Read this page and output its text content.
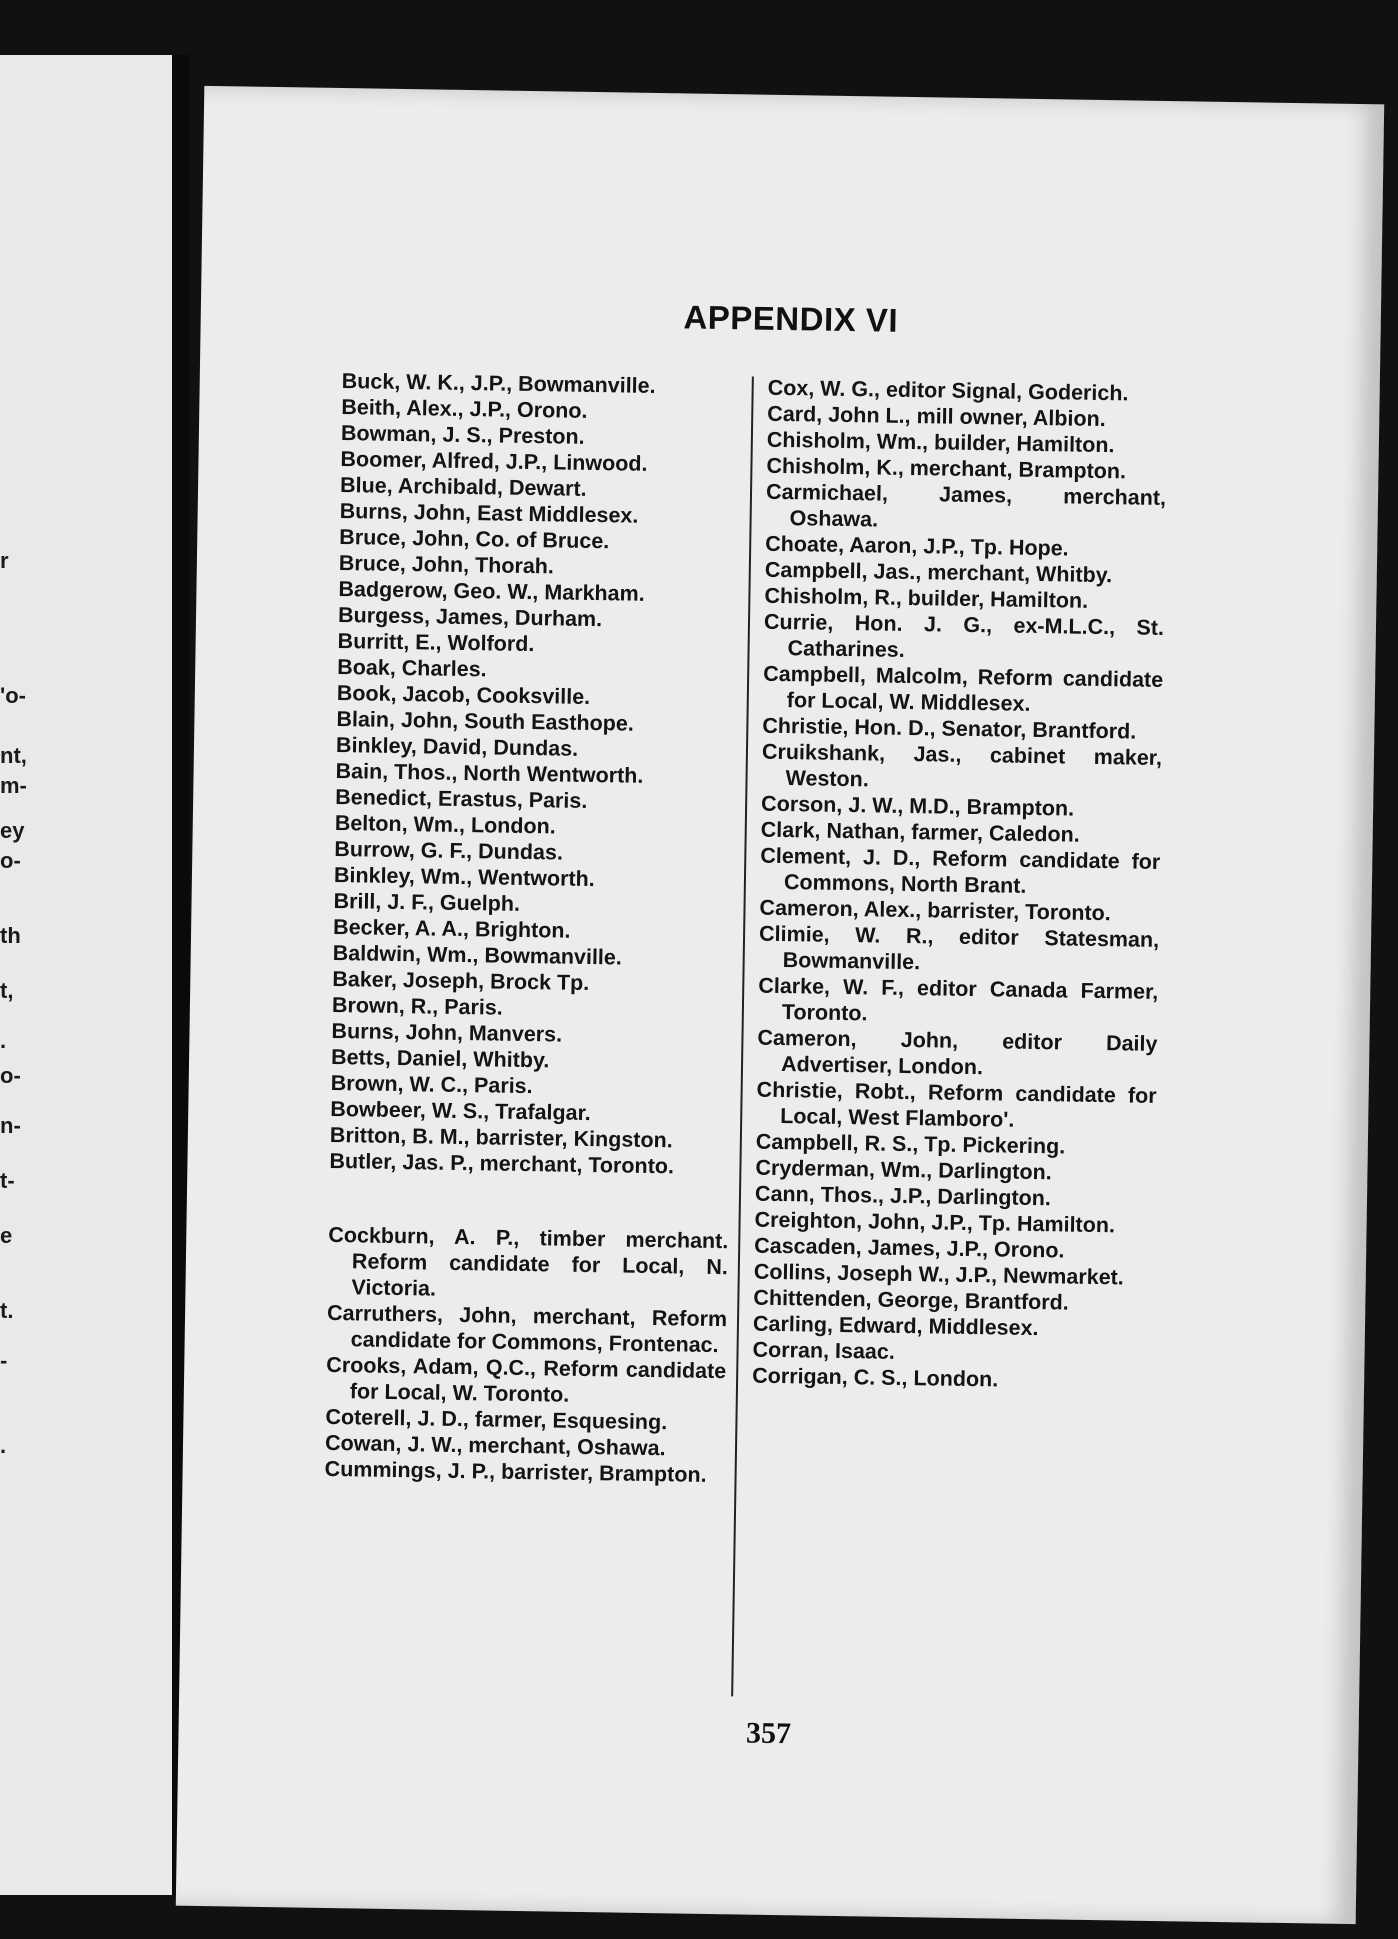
r
'o-
nt,
m-
ey
o-
th
t,
.
o-
n-
t-
e
t.
-
.
APPENDIX VI
Buck, W. K., J.P., Bowmanville.
Beith, Alex., J.P., Orono.
Bowman, J. S., Preston.
Boomer, Alfred, J.P., Linwood.
Blue, Archibald, Dewart.
Burns, John, East Middlesex.
Bruce, John, Co. of Bruce.
Bruce, John, Thorah.
Badgerow, Geo. W., Markham.
Burgess, James, Durham.
Burritt, E., Wolford.
Boak, Charles.
Book, Jacob, Cooksville.
Blain, John, South Easthope.
Binkley, David, Dundas.
Bain, Thos., North Wentworth.
Benedict, Erastus, Paris.
Belton, Wm., London.
Burrow, G. F., Dundas.
Binkley, Wm., Wentworth.
Brill, J. F., Guelph.
Becker, A. A., Brighton.
Baldwin, Wm., Bowmanville.
Baker, Joseph, Brock Tp.
Brown, R., Paris.
Burns, John, Manvers.
Betts, Daniel, Whitby.
Brown, W. C., Paris.
Bowbeer, W. S., Trafalgar.
Britton, B. M., barrister, Kingston.
Butler, Jas. P., merchant, Toronto.
Cockburn, A. P., timber merchant. Reform candidate for Local, N. Victoria.
Carruthers, John, merchant, Reform candidate for Commons, Frontenac.
Crooks, Adam, Q.C., Reform candidate for Local, W. Toronto.
Coterell, J. D., farmer, Esquesing.
Cowan, J. W., merchant, Oshawa.
Cummings, J. P., barrister, Brampton.
Cox, W. G., editor Signal, Goderich.
Card, John L., mill owner, Albion.
Chisholm, Wm., builder, Hamilton.
Chisholm, K., merchant, Brampton.
Carmichael, James, merchant, Oshawa.
Choate, Aaron, J.P., Tp. Hope.
Campbell, Jas., merchant, Whitby.
Chisholm, R., builder, Hamilton.
Currie, Hon. J. G., ex-M.L.C., St. Catharines.
Campbell, Malcolm, Reform candidate for Local, W. Middlesex.
Christie, Hon. D., Senator, Brantford.
Cruikshank, Jas., cabinet maker, Weston.
Corson, J. W., M.D., Brampton.
Clark, Nathan, farmer, Caledon.
Clement, J. D., Reform candidate for Commons, North Brant.
Cameron, Alex., barrister, Toronto.
Climie, W. R., editor Statesman, Bowmanville.
Clarke, W. F., editor Canada Farmer, Toronto.
Cameron, John, editor Daily Advertiser, London.
Christie, Robt., Reform candidate for Local, West Flamboro'.
Campbell, R. S., Tp. Pickering.
Cryderman, Wm., Darlington.
Cann, Thos., J.P., Darlington.
Creighton, John, J.P., Tp. Hamilton.
Cascaden, James, J.P., Orono.
Collins, Joseph W., J.P., Newmarket.
Chittenden, George, Brantford.
Carling, Edward, Middlesex.
Corran, Isaac.
Corrigan, C. S., London.
357
